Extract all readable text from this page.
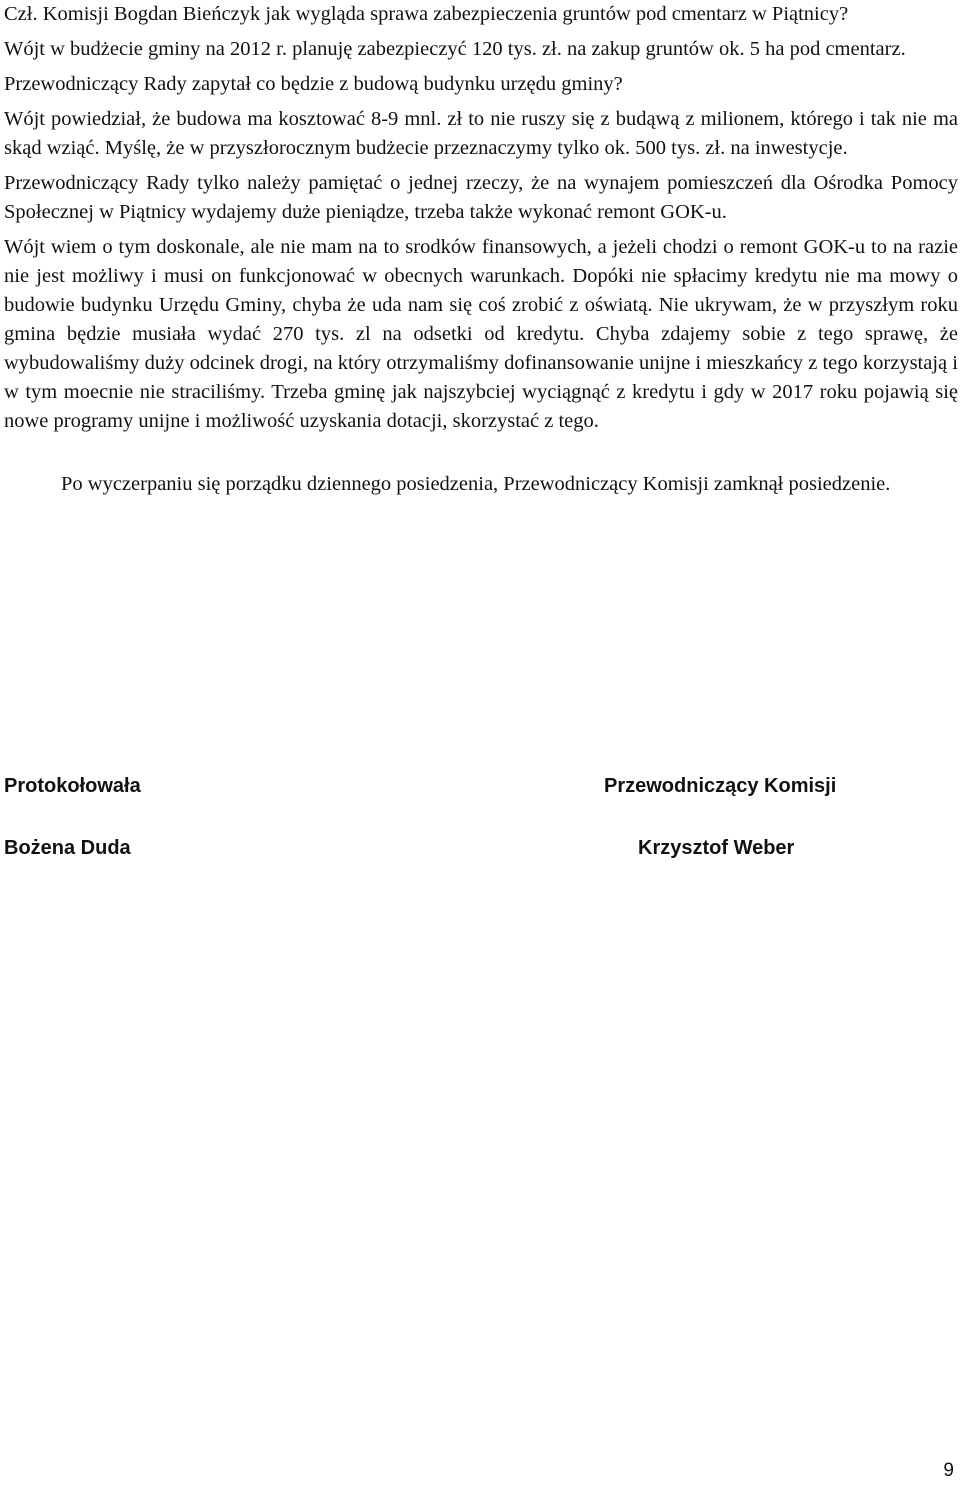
Czł. Komisji Bogdan Bieńczyk jak wygląda sprawa zabezpieczenia gruntów pod cmentarz w Piątnicy?

Wójt w budżecie gminy na 2012 r. planuję zabezpieczyć 120 tys. zł. na zakup gruntów ok. 5 ha pod cmentarz.

Przewodniczący Rady zapytał co będzie z budową budynku urzędu gminy?

Wójt powiedział, że budowa ma kosztować 8-9 mnl. zł to nie ruszy się z budąwą z milionem, którego i tak nie ma skąd wziąć. Myślę, że w przyszłorocznym budżecie przeznaczymy tylko ok. 500 tys. zł. na inwestycje.

Przewodniczący Rady tylko należy pamiętać o jednej rzeczy, że na wynajem pomieszczeń dla Ośrodka Pomocy Społecznej w Piątnicy wydajemy duże pieniądze, trzeba także wykonać remont GOK-u.

Wójt wiem o tym doskonale, ale nie mam na to srodków finansowych, a jeżeli chodzi o remont GOK-u to na razie nie jest możliwy i musi on funkcjonować w obecnych warunkach. Dopóki nie spłacimy kredytu nie ma mowy o budowie budynku Urzędu Gminy, chyba że uda nam się coś zrobić z oświatą. Nie ukrywam, że w przyszłym roku gmina będzie musiała wydać 270 tys. zl na odsetki od kredytu. Chyba zdajemy sobie z tego sprawę, że wybudowaliśmy duży odcinek drogi, na który otrzymaliśmy dofinansowanie unijne i mieszkańcy z tego korzystają i w tym moecnie nie straciliśmy. Trzeba gminę jak najszybciej wyciągnąć z kredytu i gdy w 2017 roku pojawią się nowe programy unijne i możliwość uzyskania dotacji, skorzystać z tego.

Po wyczerpaniu się porządku dziennego posiedzenia, Przewodniczący Komisji zamknął posiedzenie.

Protokołowała
Bożena Duda
Przewodniczący Komisji
Krzysztof Weber
9
